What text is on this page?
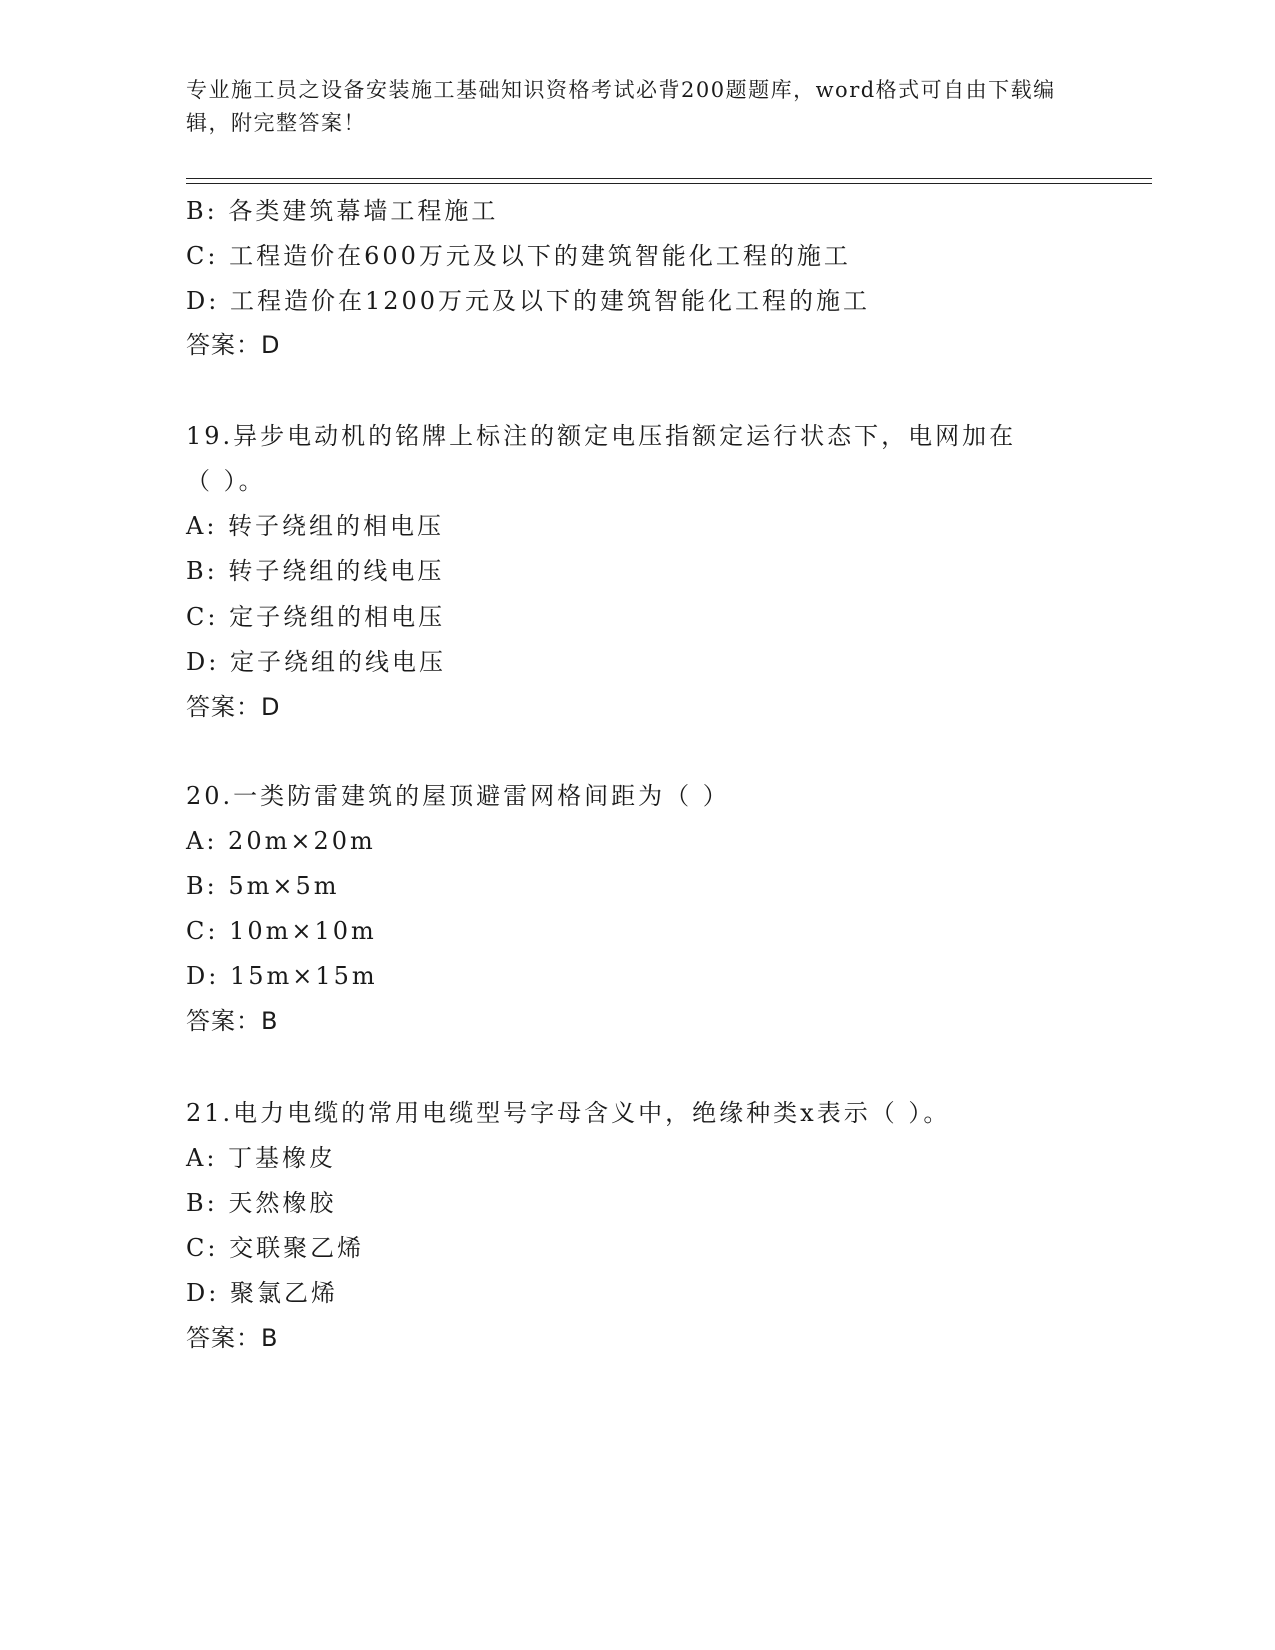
专业施工员之设备安装施工基础知识资格考试必背200题题库，word格式可自由下载编辑，附完整答案！
B: 各类建筑幕墙工程施工
C: 工程造价在600万元及以下的建筑智能化工程的施工
D: 工程造价在1200万元及以下的建筑智能化工程的施工
答案：D
19.异步电动机的铭牌上标注的额定电压指额定运行状态下，电网加在
（ ）。
A: 转子绕组的相电压
B: 转子绕组的线电压
C: 定子绕组的相电压
D: 定子绕组的线电压
答案：D
20.一类防雷建筑的屋顶避雷网格间距为（ ）
A: 20m×20m
B: 5m×5m
C: 10m×10m
D: 15m×15m
答案：B
21.电力电缆的常用电缆型号字母含义中，绝缘种类x表示（ ）。
A: 丁基橡皮
B: 天然橡胶
C: 交联聚乙烯
D: 聚氯乙烯
答案：B
